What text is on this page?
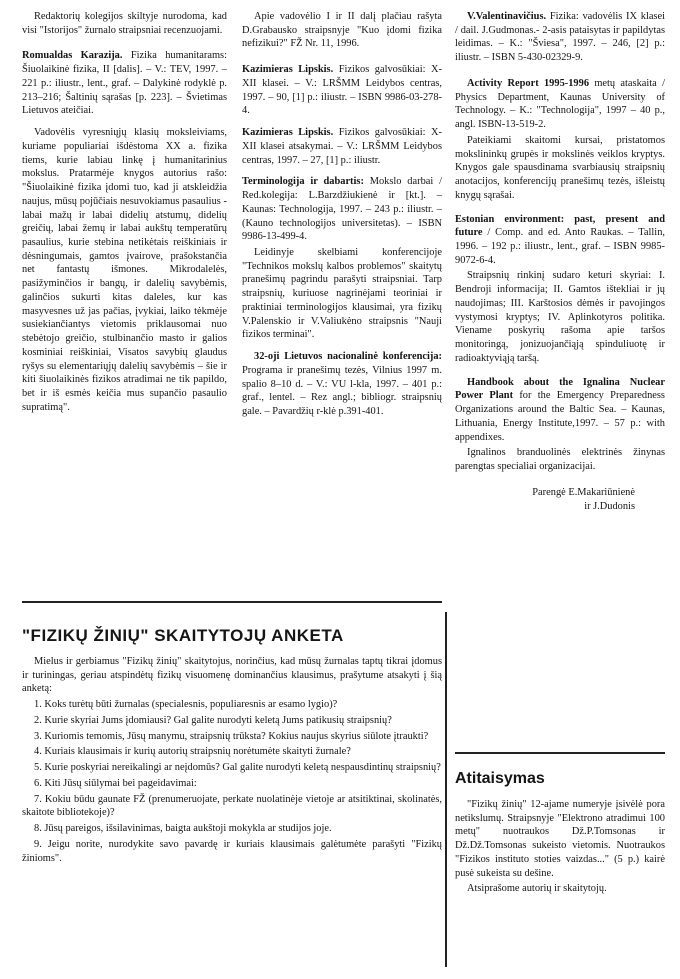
Redaktorių kolegijos skiltyje nurodoma, kad visi "Istorijos" žurnalo straipsniai recenzuojami.

Romualdas Karazija. Fizika humanitarams: Šiuolaikinė fizika, II [dalis]. – V.: TEV, 1997. – 221 p.: iliustr., lent., graf. – Dalykinė rodyklė p. 213–216; Šaltinių sąrašas [p. 223]. – Švietimas Lietuvos ateičiai.

Vadovėlis vyresniųjų klasių moksleiviams, kuriame populiariai išdėstoma XX a. fizika tiems, kurie labiau linkę į humanitarinius mokslus. Pratarmėje knygos autorius rašo: "Šiuolaikinė fizika įdomi tuo, kad ji atskleidžia naujus, mūsų pojūčiais nesuvokiamus pasaulius - labai mažų ir labai didelių atstumų, didelių greičių, labai žemų ir labai aukštų temperatūrų pasaulius, kurie stebina netikėtais reiškiniais ir dėsningumais, gamtos įvairove, prašokstančia net fantastų išmones. Mikrodalelės, pasižyminčios ir bangų, ir dalelių savybėmis, galinčios sukurti kitas daleles, kur kas masyvesnes už jas pačias, įvykiai, laiko tėkmėje susiekiančiantys vietomis priklausomai nuo stebėtojo greičio, stulbinančio masto ir galios kosminiai reiškiniai, Visatos savybių glaudus ryšys su elementariųjų dalelių savybėmis – šie ir kiti šiuolaikinės fizikos atradimai ne tik papildo, bet ir iš esmės keičia mus supančio pasaulio supratimą".

Apie vadovėlio I ir II dalį plačiau rašyta D.Grabausko straipsnyje "Kuo įdomi fizika nefizikui?" FŽ Nr. 11, 1996.

Kazimieras Lipskis. Fizikos galvosūkiai: X-XII klasei. – V.: LRŠMM Leidybos centras, 1997. – 90, [1] p.: iliustr. – ISBN 9986-03-278-4.

Kazimieras Lipskis. Fizikos galvosūkiai: X-XII klasei atsakymai. – V.: LRŠMM Leidybos centras, 1997. – 27, [1] p.: iliustr.

Terminologija ir dabartis: Mokslo darbai / Red.kolegija: L.Barzdžiukienė ir [kt.]. – Kaunas: Technologija, 1997. – 243 p.: iliustr. – (Kauno technologijos universitetas). – ISBN 9986-13-499-4.

Leidinyje skelbiami konferencijoje "Technikos mokslų kalbos problemos" skaitytų pranešimų pagrindu parašyti straipsniai. Tarp straipsnių, kuriuose nagrinėjami teoriniai ir praktiniai terminologijos klausimai, yra fizikų V.Palenskio ir V.Valiukėno straipsnis "Nauji fizikos terminai".

32-oji Lietuvos nacionalinė konferencija: Programa ir pranešimų tezės, Vilnius 1997 m. spalio 8–10 d. – V.: VU l-kla, 1997. – 401 p.: graf., lentel. – Rez angl.; bibliogr. straipsnių gale. – Pavardžių r-klė p.391-401.

V.Valentinavičius. Fizika: vadovėlis IX klasei / dail. J.Gudmonas.- 2-asis pataisytas ir papildytas leidimas. – K.: "Šviesa", 1997. – 246, [2] p.: iliustr. – ISBN 5-430-02329-9.

Activity Report 1995-1996 metų ataskaita / Physics Department, Kaunas University of Technology. – K.: "Technologija", 1997 – 40 p., angl. ISBN-13-519-2.

Pateikiami skaitomi kursai, pristatomos mokslininkų grupės ir mokslinės veiklos kryptys. Knygos gale spausdinama svarbiausių straipsnių anotacijos, konferencijų pranešimų tezės, išleistų knygų sąrašai.

Estonian environment: past, present and future / Comp. and ed. Anto Raukas. – Tallin, 1996. – 192 p.: iliustr., lent., graf. – ISBN 9985-9072-6-4.

Straipsnių rinkinį sudaro keturi skyriai: I. Bendroji informacija; II. Gamtos ištekliai ir jų naudojimas; III. Karštosios dėmės ir pavojingos vystymosi kryptys; IV. Aplinkotyros politika. Viename poskyrių rašoma apie taršos monitoringą, jonizuojančiąją spinduliuotę ir radioaktyviąją taršą.

Handbook about the Ignalina Nuclear Power Plant for the Emergency Preparedness Organizations around the Baltic Sea. – Kaunas, Lithuania, Energy Institute,1997. – 57 p.: with appendixes.

Ignalinos branduolinės elektrinės žinynas parengtas specialiai organizacijai.

Parengė E.Makariūnienė

ir J.Dudonis

"FIZIKŲ ŽINIŲ" SKAITYTOJŲ ANKETA

Mielus ir gerbiamus "Fizikų žinių" skaitytojus, norinčius, kad mūsų žurnalas taptų tikrai įdomus ir turiningas, geriau atspindėtų fizikų visuomenę dominančius klausimus, prašytume atsakyti į šią anketą:

1. Koks turėtų būti žurnalas (specialesnis, populiaresnis ar esamo lygio)?

2. Kurie skyriai Jums įdomiausi? Gal galite nurodyti keletą Jums patikusių straipsnių?

3. Kuriomis temomis, Jūsų manymu, straipsnių trūksta? Kokius naujus skyrius siūlote įtraukti?

4. Kuriais klausimais ir kurių autorių straipsnių norėtumėte skaityti žurnale?

5. Kurie poskyriai nereikalingi ar neįdomūs? Gal galite nurodyti keletą nespausdintinų straipsnių?

6. Kiti Jūsų siūlymai bei pageidavimai:

7. Kokiu būdu gaunate FŽ (prenumeruojate, perkate nuolatinėje vietoje ar atsitiktinai, skolinatės, skaitote bibliotekoje)?

8. Jūsų pareigos, išsilavinimas, baigta aukštoji mokykla ar studijos joje.

9. Jeigu norite, nurodykite savo pavardę ir kuriais klausimais galėtumėte parašyti "Fizikų žinioms".

Atitaisymas

"Fizikų žinių" 12-ajame numeryje įsivėlė pora netikslumų. Straipsnyje "Elektrono atradimui 100 metų" nuotraukos Dž.P.Tomsonas ir Dž.Dž.Tomsonas sukeisto vietomis. Nuotraukos "Fizikos instituto stoties vaizdas..." (5 p.) kairė pusė sukeista su dešine.

Atsiprašome autorių ir skaitytojų.
